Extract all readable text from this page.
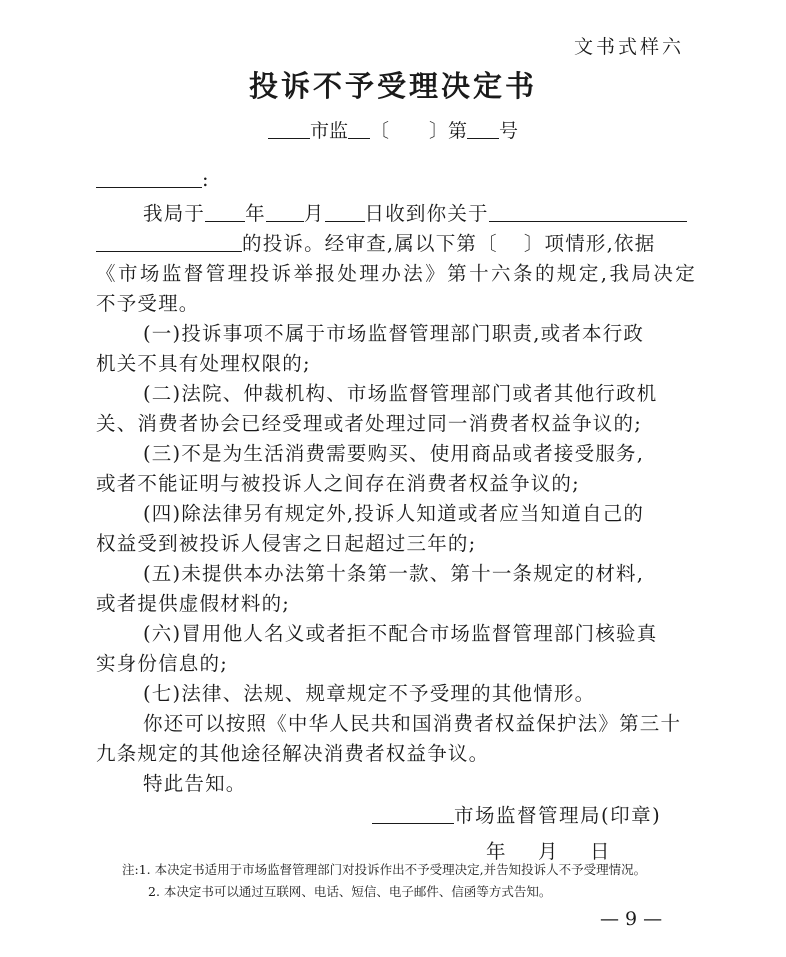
文书式样六
投诉不予受理决定书
市监 〔 〕第 号
:
我局于 年 月 日收到你关于
的投诉。经审查,属以下第〔 〕项情形,依据
《市场监督管理投诉举报处理办法》第十六条的规定,我局决定
不予受理。
(一)投诉事项不属于市场监督管理部门职责,或者本行政
机关不具有处理权限的;
(二)法院、仲裁机构、市场监督管理部门或者其他行政机
关、消费者协会已经受理或者处理过同一消费者权益争议的;
(三)不是为生活消费需要购买、使用商品或者接受服务,
或者不能证明与被投诉人之间存在消费者权益争议的;
(四)除法律另有规定外,投诉人知道或者应当知道自己的
权益受到被投诉人侵害之日起超过三年的;
(五)未提供本办法第十条第一款、第十一条规定的材料,
或者提供虚假材料的;
(六)冒用他人名义或者拒不配合市场监督管理部门核验真
实身份信息的;
(七)法律、法规、规章规定不予受理的其他情形。
你还可以按照《中华人民共和国消费者权益保护法》第三十
九条规定的其他途径解决消费者权益争议。
特此告知。
市场监督管理局(印章)
年 月 日
注:1. 本决定书适用于市场监督管理部门对投诉作出不予受理决定,并告知投诉人不予受理情况。
2. 本决定书可以通过互联网、电话、短信、电子邮件、信函等方式告知。
— 9 —
